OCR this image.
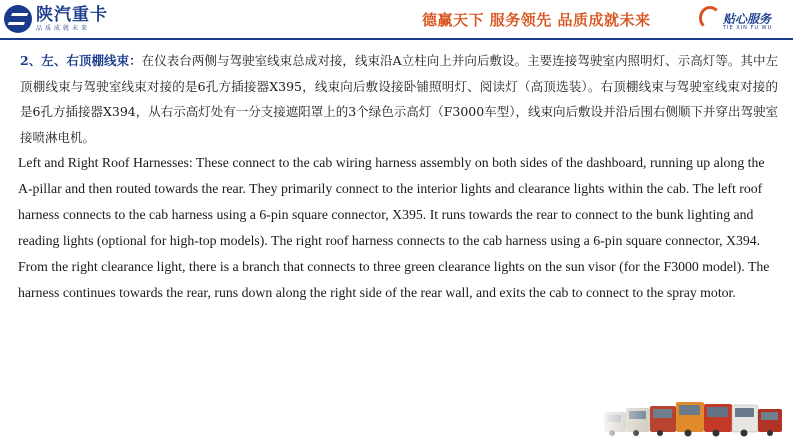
陕汽重卡
品质成就未来	德赢天下 服务领先 品质成就未来	贴心服务
TIE XIN FU WU

2、左、右顶棚线束：在仪表台两侧与驾驶室线束总成对接，线束沿A立柱向上并向后敷设。主要连接驾驶室内照明灯、示高灯等。其中左顶棚线束与驾驶室线束对接的是6孔方插接器X395，线束向后敷设接卧铺照明灯、阅读灯（高顶选装）。右顶棚线束与驾驶室线束对接的是6孔方插接器X394，从右示高灯处有一分支接遮阳罩上的3个绿色示高灯（F3000车型），线束向后敷设并沿后围右侧顺下并穿出驾驶室接喷淋电机。

Left and Right Roof Harnesses: These connect to the cab wiring harness assembly on both sides of the dashboard, running up along the A-pillar and then routed towards the rear. They primarily connect to the interior lights and clearance lights within the cab. The left roof harness connects to the cab harness using a 6-pin square connector, X395. It runs towards the rear to connect to the bunk lighting and reading lights (optional for high-top models). The right roof harness connects to the cab harness using a 6-pin square connector, X394. From the right clearance light, there is a branch that connects to three green clearance lights on the sun visor (for the F3000 model). The harness continues towards the rear, runs down along the right side of the rear wall, and exits the cab to connect to the spray motor.
